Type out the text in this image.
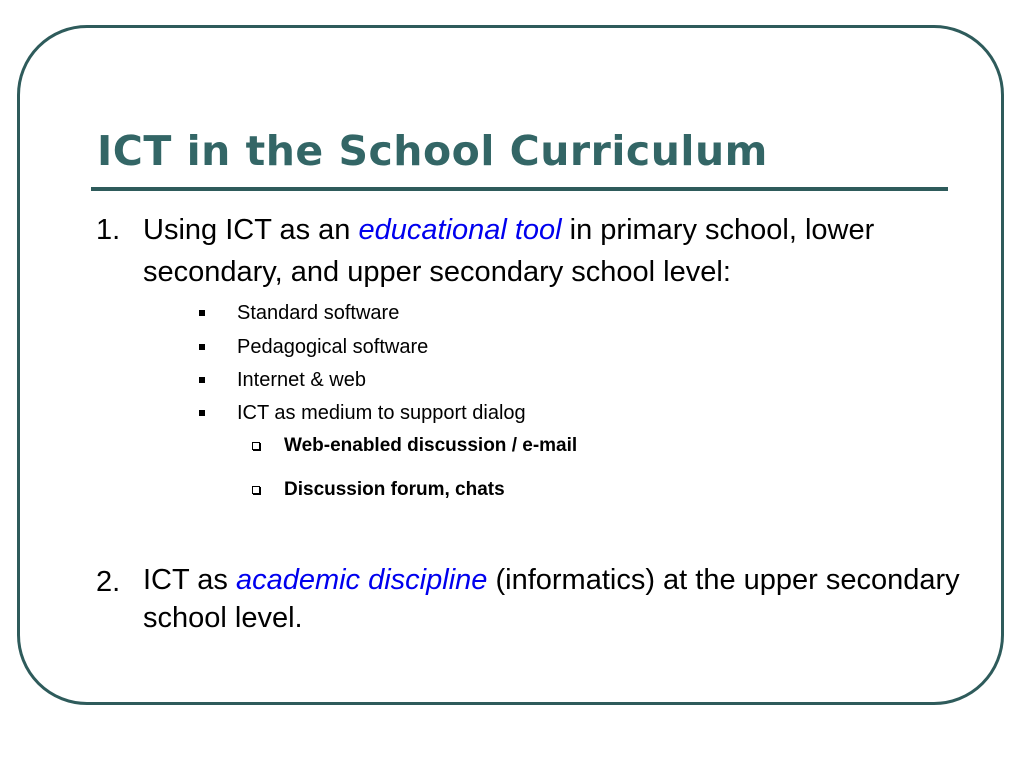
ICT in the School Curriculum
1. Using ICT as an educational tool in primary school, lower secondary, and upper secondary school level:
Standard software
Pedagogical software
Internet & web
ICT as medium to support dialog
Web-enabled discussion / e-mail
Discussion forum, chats
2. ICT as academic discipline (informatics) at the upper secondary school level.
